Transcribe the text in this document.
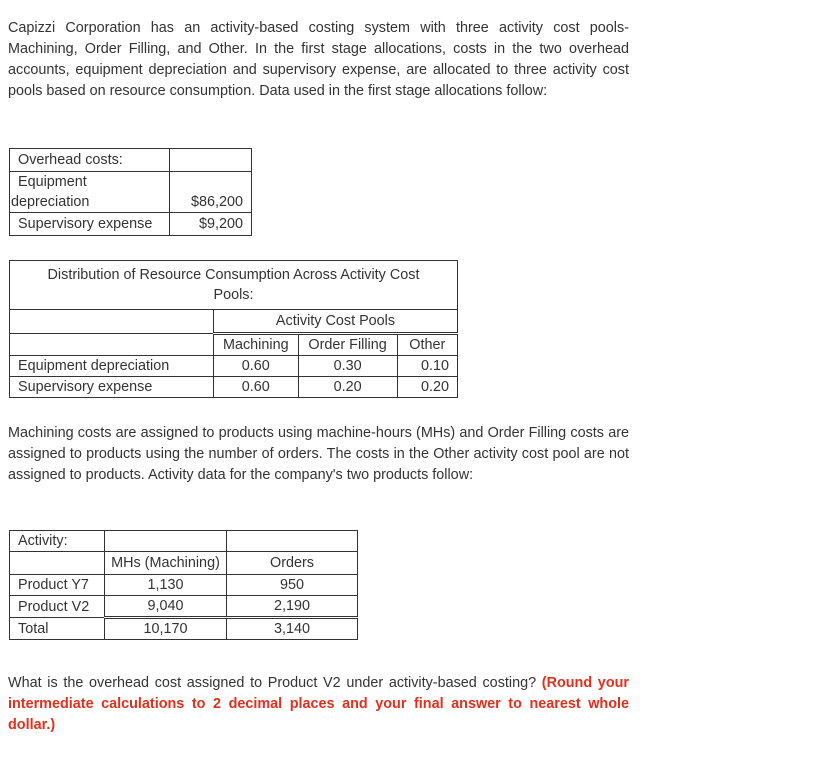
Capizzi Corporation has an activity-based costing system with three activity cost pools-Machining, Order Filling, and Other. In the first stage allocations, costs in the two overhead accounts, equipment depreciation and supervisory expense, are allocated to three activity cost pools based on resource consumption. Data used in the first stage allocations follow:

Overhead costs:	
Equipment depreciation	$86,200
Supervisory expense	$9,200
Distribution of Resource Consumption Across Activity Cost Pools:			
	Activity Cost Pools		
	Machining	Order Filling	Other
Equipment depreciation	0.60	0.30	0.10
Supervisory expense	0.60	0.20	0.20

Machining costs are assigned to products using machine-hours (MHs) and Order Filling costs are assigned to products using the number of orders. The costs in the Other activity cost pool are not assigned to products. Activity data for the company's two products follow:

Activity:		
	MHs (Machining)	Orders
Product Y7	1,130	950
Product V2	9,040	2,190
Total	10,170	3,140

What is the overhead cost assigned to Product V2 under activity-based costing? (Round your intermediate calculations to 2 decimal places and your final answer to nearest whole dollar.)
